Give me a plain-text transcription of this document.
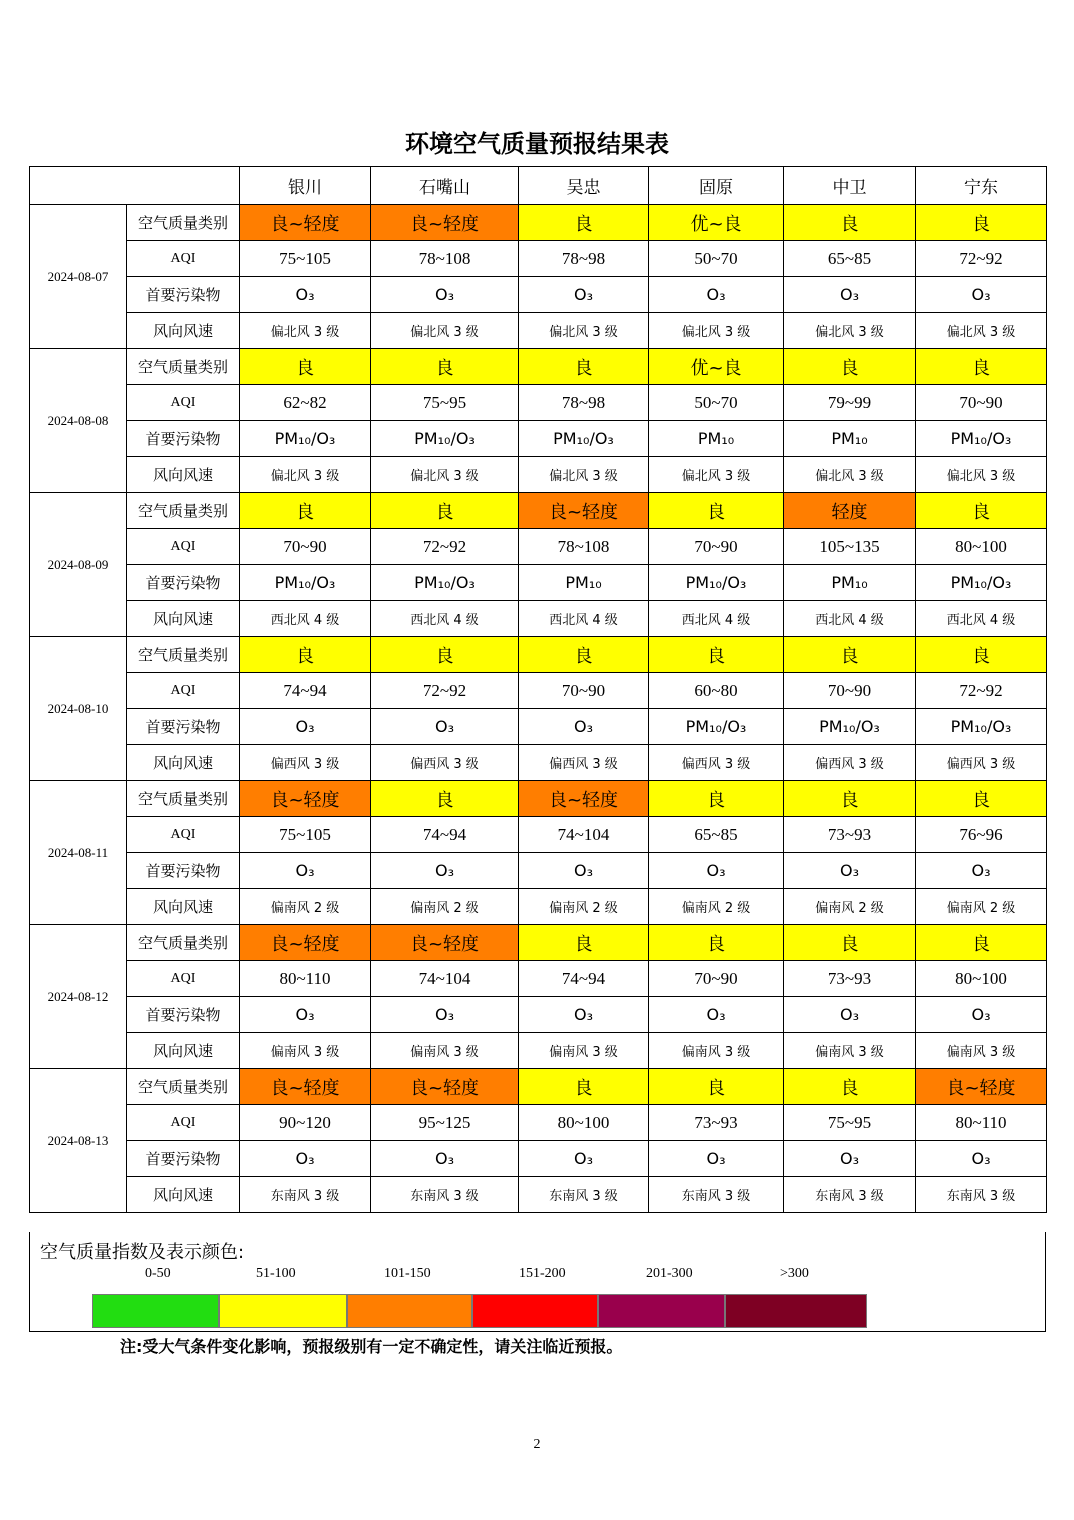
环境空气质量预报结果表
		银川	石嘴山	吴忠	固原	中卫	宁东
2024-08-07	空气质量类别	良~轻度	良~轻度	良	优~良	良	良
	AQI	75~105	78~108	78~98	50~70	65~85	72~92
	首要污染物	O₃	O₃	O₃	O₃	O₃	O₃
	风向风速	偏北风 3 级	偏北风 3 级	偏北风 3 级	偏北风 3 级	偏北风 3 级	偏北风 3 级
2024-08-08	空气质量类别	良	良	良	优~良	良	良
	AQI	62~82	75~95	78~98	50~70	79~99	70~90
	首要污染物	PM₁₀/O₃	PM₁₀/O₃	PM₁₀/O₃	PM₁₀	PM₁₀	PM₁₀/O₃
	风向风速	偏北风 3 级	偏北风 3 级	偏北风 3 级	偏北风 3 级	偏北风 3 级	偏北风 3 级
2024-08-09	空气质量类别	良	良	良~轻度	良	轻度	良
	AQI	70~90	72~92	78~108	70~90	105~135	80~100
	首要污染物	PM₁₀/O₃	PM₁₀/O₃	PM₁₀	PM₁₀/O₃	PM₁₀	PM₁₀/O₃
	风向风速	西北风 4 级	西北风 4 级	西北风 4 级	西北风 4 级	西北风 4 级	西北风 4 级
2024-08-10	空气质量类别	良	良	良	良	良	良
	AQI	74~94	72~92	70~90	60~80	70~90	72~92
	首要污染物	O₃	O₃	O₃	PM₁₀/O₃	PM₁₀/O₃	PM₁₀/O₃
	风向风速	偏西风 3 级	偏西风 3 级	偏西风 3 级	偏西风 3 级	偏西风 3 级	偏西风 3 级
2024-08-11	空气质量类别	良~轻度	良	良~轻度	良	良	良
	AQI	75~105	74~94	74~104	65~85	73~93	76~96
	首要污染物	O₃	O₃	O₃	O₃	O₃	O₃
	风向风速	偏南风 2 级	偏南风 2 级	偏南风 2 级	偏南风 2 级	偏南风 2 级	偏南风 2 级
2024-08-12	空气质量类别	良~轻度	良~轻度	良	良	良	良
	AQI	80~110	74~104	74~94	70~90	73~93	80~100
	首要污染物	O₃	O₃	O₃	O₃	O₃	O₃
	风向风速	偏南风 3 级	偏南风 3 级	偏南风 3 级	偏南风 3 级	偏南风 3 级	偏南风 3 级
2024-08-13	空气质量类别	良~轻度	良~轻度	良	良	良	良~轻度
	AQI	90~120	95~125	80~100	73~93	75~95	80~110
	首要污染物	O₃	O₃	O₃	O₃	O₃	O₃
	风向风速	东南风 3 级	东南风 3 级	东南风 3 级	东南风 3 级	东南风 3 级	东南风 3 级
空气质量指数及表示颜色:
0-50	51-100	101-150	151-200	201-300	>300
注:受大气条件变化影响，预报级别有一定不确定性，请关注临近预报。
2
